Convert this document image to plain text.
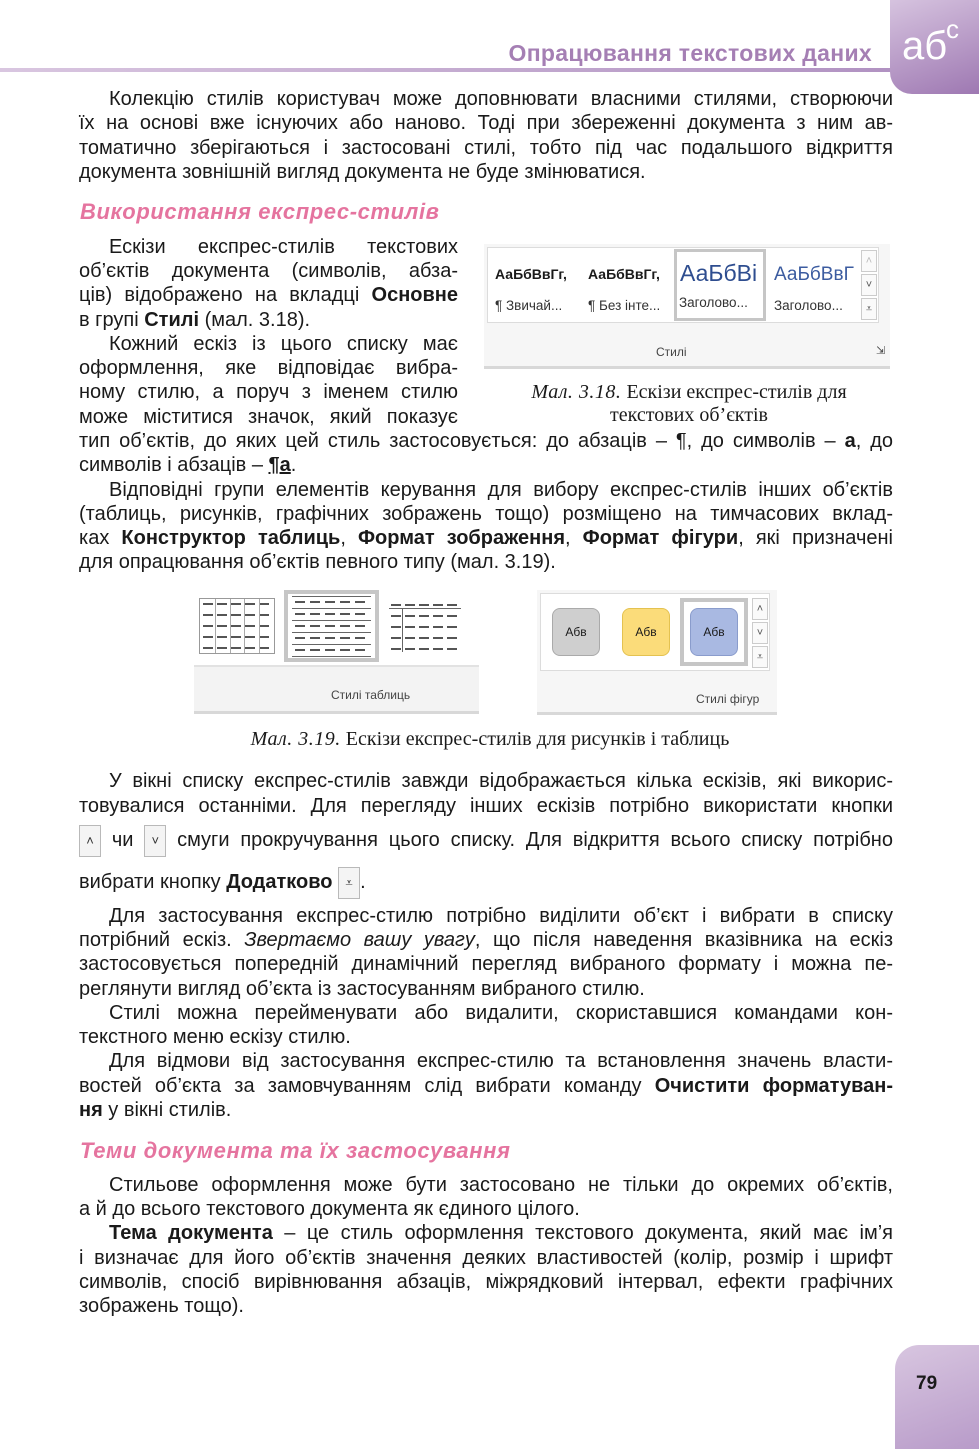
Опрацювання текстових даних аб
с
Колекцію стилів користувач може доповнювати власними стилями, створюючи
їх на основі вже існуючих або наново. Тоді при збереженні документа з ним ав-
томатично зберігаються і застосовані стилі, тобто під час подальшого відкриття
документа зовнішній вигляд документа не буде змінюватися.
Використання експрес-стилів
Ескізи експрес-стилів текстових
об’єктів документа (символів, абза-
ців) відображено на вкладці Основне
в групі Стилі (мал. 3.18).
Кожний ескіз із цього списку має
оформлення, яке відповідає вибра-
ному стилю, а поруч з іменем стилю
може міститися значок, який показує
тип об’єктів, до яких цей стиль застосовується: до абзаців – ¶, до символів – а, до
символів і абзаців – ¶a.
Відповідні групи елементів керування для вибору експрес-стилів інших об’єктів
(таблиць, рисунків, графічних зображень тощо) розміщено на тимчасових вклад-
ках Конструктор таблиць, Формат зображення, Формат фігури, які призначені
для опрацювання об’єктів певного типу (мал. 3.19).
АаБбВвГг,
¶ Звичай...
АаБбВвГг,
¶ Без інте...
АаБбВі
Заголово...
АаБбВвГ
Заголово...
˄
˅
⩡
Стилі	⇲
Мал. 3.18. Ескізи експрес-стилів для
текстових об’єктів
Стилі таблиць
Абв	Абв	Абв
˄
˅
⩡
Стилі фігур
Мал. 3.19. Ескізи експрес-стилів для рисунків і таблиць
У вікні списку експрес-стилів завжди відображається кілька ескізів, які викорис-
товувалися останніми. Для перегляду інших ескізів потрібно використати кнопки
˄ чи ˅ смуги прокручування цього списку. Для відкриття всього списку потрібно
вибрати кнопку Додатково ⩡ .
Для застосування експрес-стилю потрібно виділити об’єкт і вибрати в списку
потрібний ескіз. Звертаємо вашу увагу, що після наведення вказівника на ескіз
застосовується попередній динамічний перегляд вибраного формату і можна пе-
реглянути вигляд об’єкта із застосуванням вибраного стилю.
Стилі можна перейменувати або видалити, скориставшися командами кон-
текстного меню ескізу стилю.
Для відмови від застосування експрес-стилю та встановлення значень власти-
востей об’єкта за замовчуванням слід вибрати команду Очистити форматуван-
ня у вікні стилів.
Теми документа та їх застосування
Стильове оформлення може бути застосовано не тільки до окремих об’єктів,
а й до всього текстового документа як єдиного цілого.
Тема документа – це стиль оформлення текстового документа, який має ім’я
і визначає для його об’єктів значення деяких властивостей (колір, розмір і шрифт
символів, спосіб вирівнювання абзаців, міжрядковий інтервал, ефекти графічних
зображень тощо).
79
